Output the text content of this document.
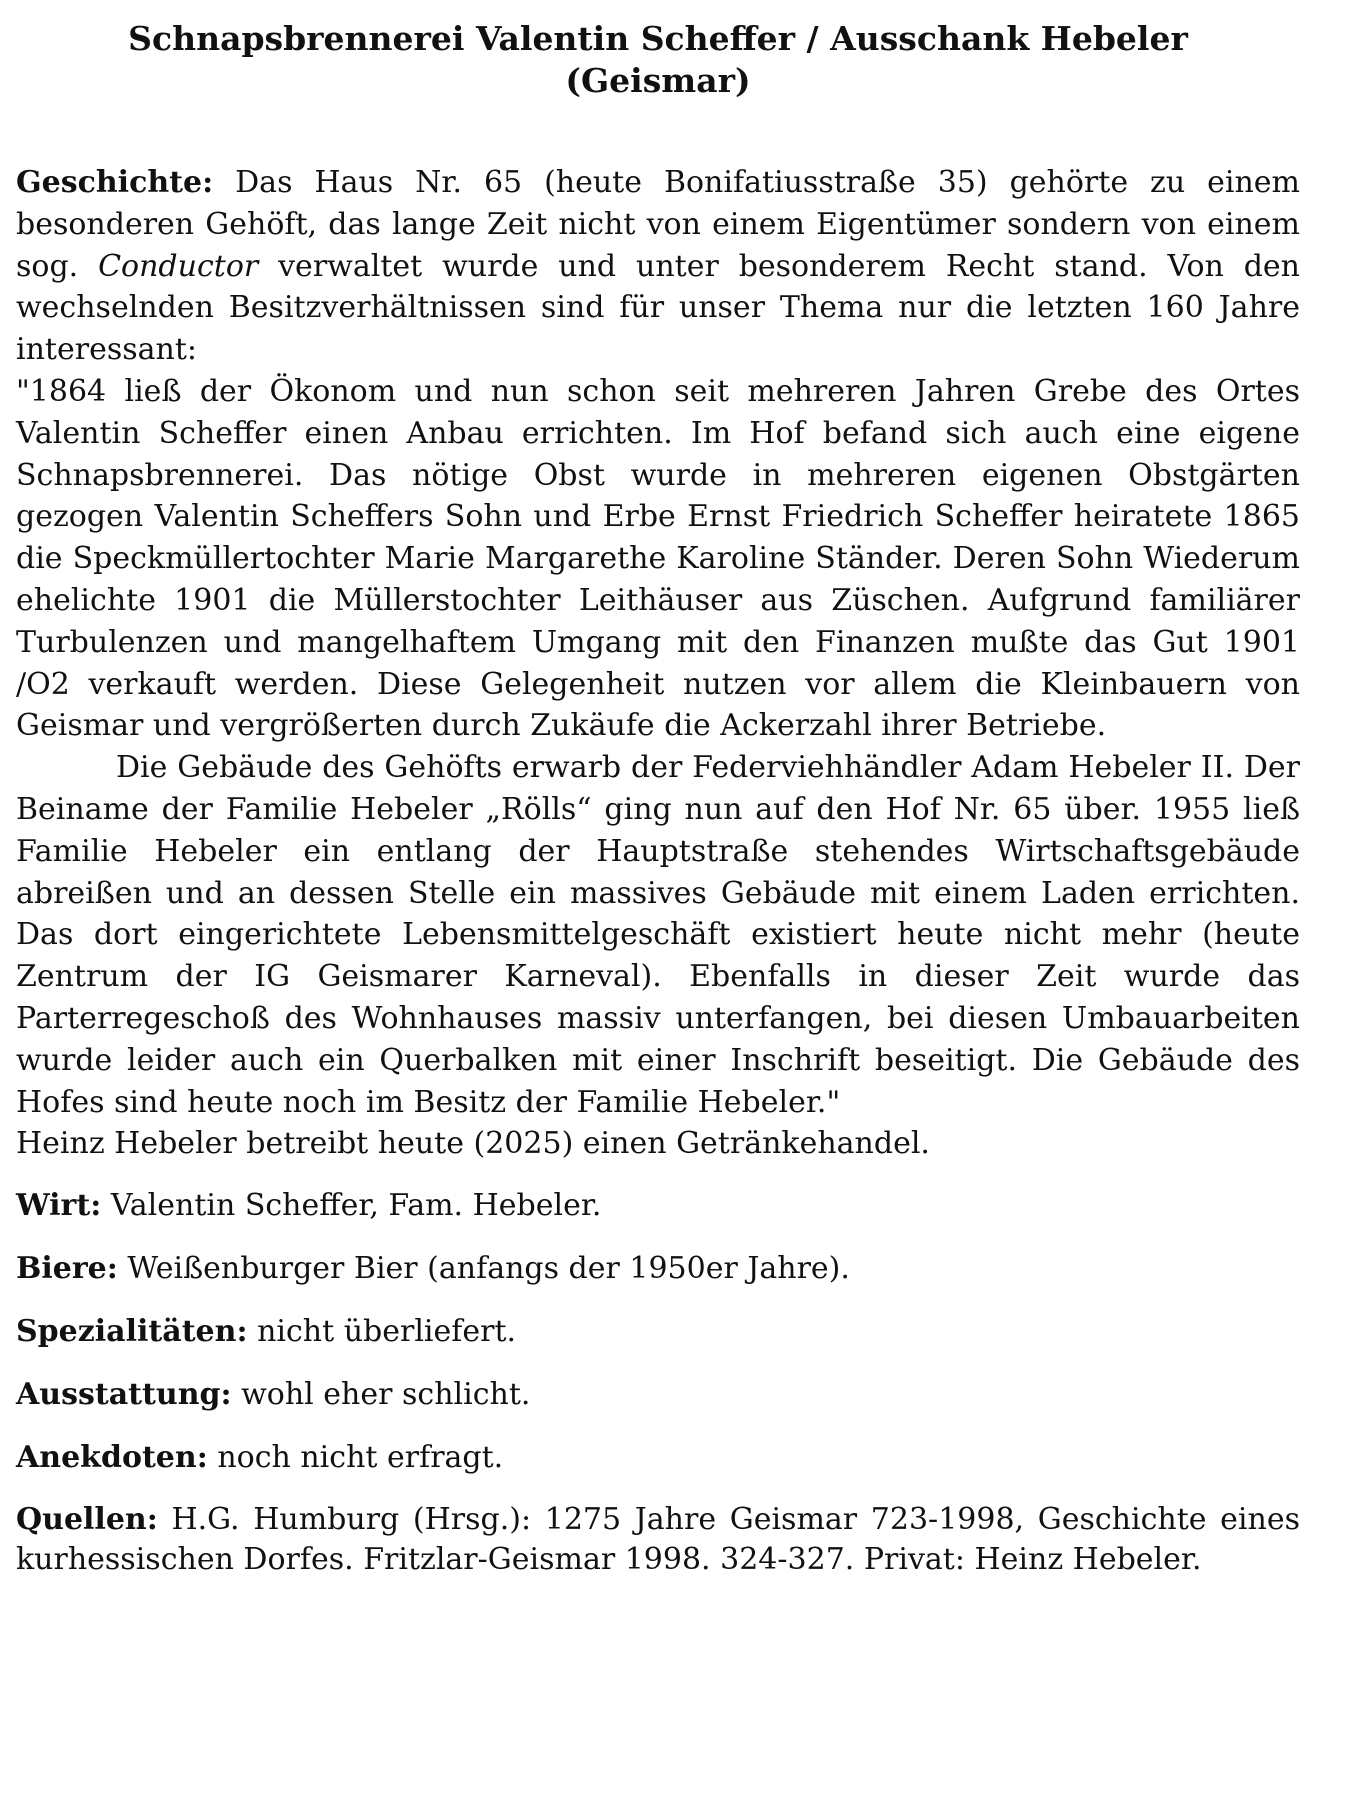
Schnapsbrennerei Valentin Scheffer / Ausschank Hebeler
(Geismar)

Geschichte: Das Haus Nr. 65 (heute Bonifatiusstraße 35) gehörte zu einem besonderen Gehöft, das lange Zeit nicht von einem Eigentümer sondern von einem sog. Conductor verwaltet wurde und unter besonderem Recht stand. Von den wechselnden Besitzverhältnissen sind für unser Thema nur die letzten 160 Jahre interessant:

"1864 ließ der Ökonom und nun schon seit mehreren Jahren Grebe des Ortes Valentin Scheffer einen Anbau errichten. Im Hof befand sich auch eine eigene Schnapsbrennerei. Das nötige Obst wurde in mehreren eigenen Obstgärten gezogen Valentin Scheffers Sohn und Erbe Ernst Friedrich Scheffer heiratete 1865 die Speckmüllertochter Marie Margarethe Karoline Ständer. Deren Sohn Wiederum ehelichte 1901 die Müllerstochter Leithäuser aus Züschen. Aufgrund familiärer Turbulenzen und mangelhaftem Umgang mit den Finanzen mußte das Gut 1901 /O2 verkauft werden. Diese Gelegenheit nutzen vor allem die Kleinbauern von Geismar und vergrößerten durch Zukäufe die Ackerzahl ihrer Betriebe.

Die Gebäude des Gehöfts erwarb der Federviehhändler Adam Hebeler II. Der Beiname der Familie Hebeler „Rölls“ ging nun auf den Hof Nr. 65 über. 1955 ließ Familie Hebeler ein entlang der Hauptstraße stehendes Wirtschaftsgebäude abreißen und an dessen Stelle ein massives Gebäude mit einem Laden errichten. Das dort eingerichtete Lebensmittelgeschäft existiert heute nicht mehr (heute Zentrum der IG Geismarer Karneval). Ebenfalls in dieser Zeit wurde das Parterregeschoß des Wohnhauses massiv unterfangen, bei diesen Umbauarbeiten wurde leider auch ein Querbalken mit einer Inschrift beseitigt. Die Gebäude des Hofes sind heute noch im Besitz der Familie Hebeler."

Heinz Hebeler betreibt heute (2025) einen Getränkehandel.

Wirt: Valentin Scheffer, Fam. Hebeler.

Biere: Weißenburger Bier (anfangs der 1950er Jahre).

Spezialitäten: nicht überliefert.

Ausstattung: wohl eher schlicht.

Anekdoten: noch nicht erfragt.

Quellen: H.G. Humburg (Hrsg.): 1275 Jahre Geismar 723-1998, Geschichte eines kurhessischen Dorfes. Fritzlar-Geismar 1998. 324-327. Privat: Heinz Hebeler.
